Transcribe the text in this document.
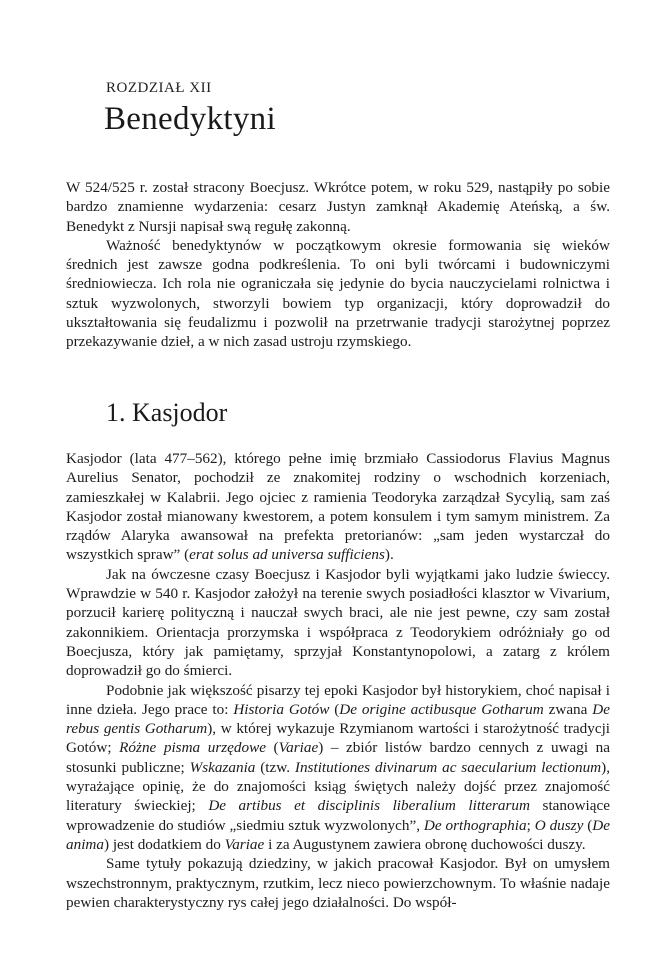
ROZDZIAŁ XII
Benedyktyni

W 524/525 r. został stracony Boecjusz. Wkrótce potem, w roku 529, nastąpiły po sobie bardzo znamienne wydarzenia: cesarz Justyn zamknął Akademię Ateńską, a św. Benedykt z Nursji napisał swą regułę zakonną.

Ważność benedyktynów w początkowym okresie formowania się wieków średnich jest zawsze godna podkreślenia. To oni byli twórcami i budowniczymi średniowiecza. Ich rola nie ograniczała się jedynie do bycia nauczycielami rolnictwa i sztuk wyzwolonych, stworzyli bowiem typ organizacji, który doprowadził do ukształtowania się feudalizmu i pozwolił na przetrwanie tradycji starożytnej poprzez przekazywanie dzieł, a w nich zasad ustroju rzymskiego.

1. Kasjodor

Kasjodor (lata 477–562), którego pełne imię brzmiało Cassiodorus Flavius Magnus Aurelius Senator, pochodził ze znakomitej rodziny o wschodnich korzeniach, zamieszkałej w Kalabrii. Jego ojciec z ramienia Teodoryka zarządzał Sycylią, sam zaś Kasjodor został mianowany kwestorem, a potem konsulem i tym samym ministrem. Za rządów Alaryka awansował na prefekta pretorianów: „sam jeden wystarczał do wszystkich spraw” (erat solus ad universa sufficiens).

Jak na ówczesne czasy Boecjusz i Kasjodor byli wyjątkami jako ludzie świeccy. Wprawdzie w 540 r. Kasjodor założył na terenie swych posiadłości klasztor w Vivarium, porzucił karierę polityczną i nauczał swych braci, ale nie jest pewne, czy sam został zakonnikiem. Orientacja prorzymska i współpraca z Teodorykiem odróżniały go od Boecjusza, który jak pamiętamy, sprzyjał Konstantynopolowi, a zatarg z królem doprowadził go do śmierci.

Podobnie jak większość pisarzy tej epoki Kasjodor był historykiem, choć napisał i inne dzieła. Jego prace to: Historia Gotów (De origine actibusque Gotharum zwana De rebus gentis Gotharum), w której wykazuje Rzymianom wartości i starożytność tradycji Gotów; Różne pisma urzędowe (Variae) – zbiór listów bardzo cennych z uwagi na stosunki publiczne; Wskazania (tzw. Institutiones divinarum ac saecularium lectionum), wyrażające opinię, że do znajomości ksiąg świętych należy dojść przez znajomość literatury świeckiej; De artibus et disciplinis liberalium litterarum stanowiące wprowadzenie do studiów „siedmiu sztuk wyzwolonych”, De orthographia; O duszy (De anima) jest dodatkiem do Variae i za Augustynem zawiera obronę duchowości duszy.

Same tytuły pokazują dziedziny, w jakich pracował Kasjodor. Był on umysłem wszechstronnym, praktycznym, rzutkim, lecz nieco powierzchownym. To właśnie nadaje pewien charakterystyczny rys całej jego działalności. Do współ-
